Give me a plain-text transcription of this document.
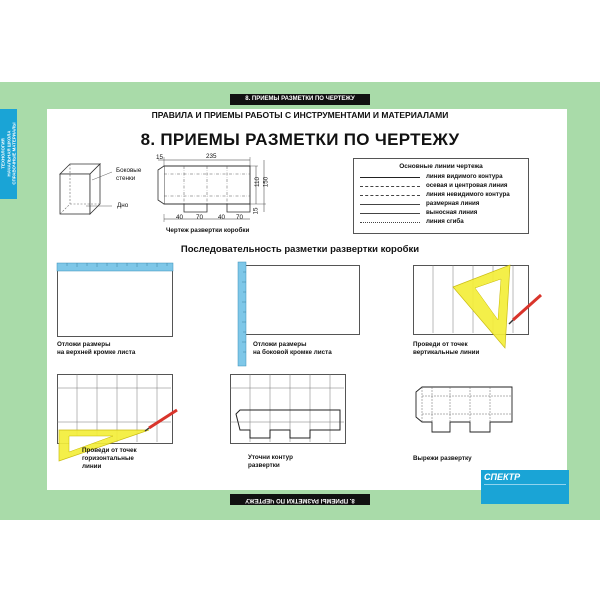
8. ПРИЕМЫ РАЗМЕТКИ ПО ЧЕРТЕЖУ
8. ПРИЕМЫ РАЗМЕТКИ ПО ЧЕРТЕЖУ
ТЕХНОЛОГИЯ НАЧАЛЬНАЯ ШКОЛА СПРАВОЧНЫЕ МАТЕРИАЛЫ
ПРАВИЛА И ПРИЕМЫ РАБОТЫ С ИНСТРУМЕНТАМИ И МАТЕРИАЛАМИ
8. ПРИЕМЫ РАЗМЕТКИ ПО ЧЕРТЕЖУ
Боковые стенки
Дно
15	235
110 150
15
40 70 40 70
Чертеж развертки коробки
Основные линии чертежа
линия видимого контура
осевая и центровая линия
линия невидимого контура
размерная линия
выносная линия
линия сгиба
Последовательность разметки развертки коробки
Отложи размеры
на верхней кромке листа
Отложи размеры
на боковой кромке листа
Проведи от точек
вертикальные линии
Проведи от точек
горизонтальные
линии
Уточни контур
развертки
Вырежи развертку
СПЕКТР
